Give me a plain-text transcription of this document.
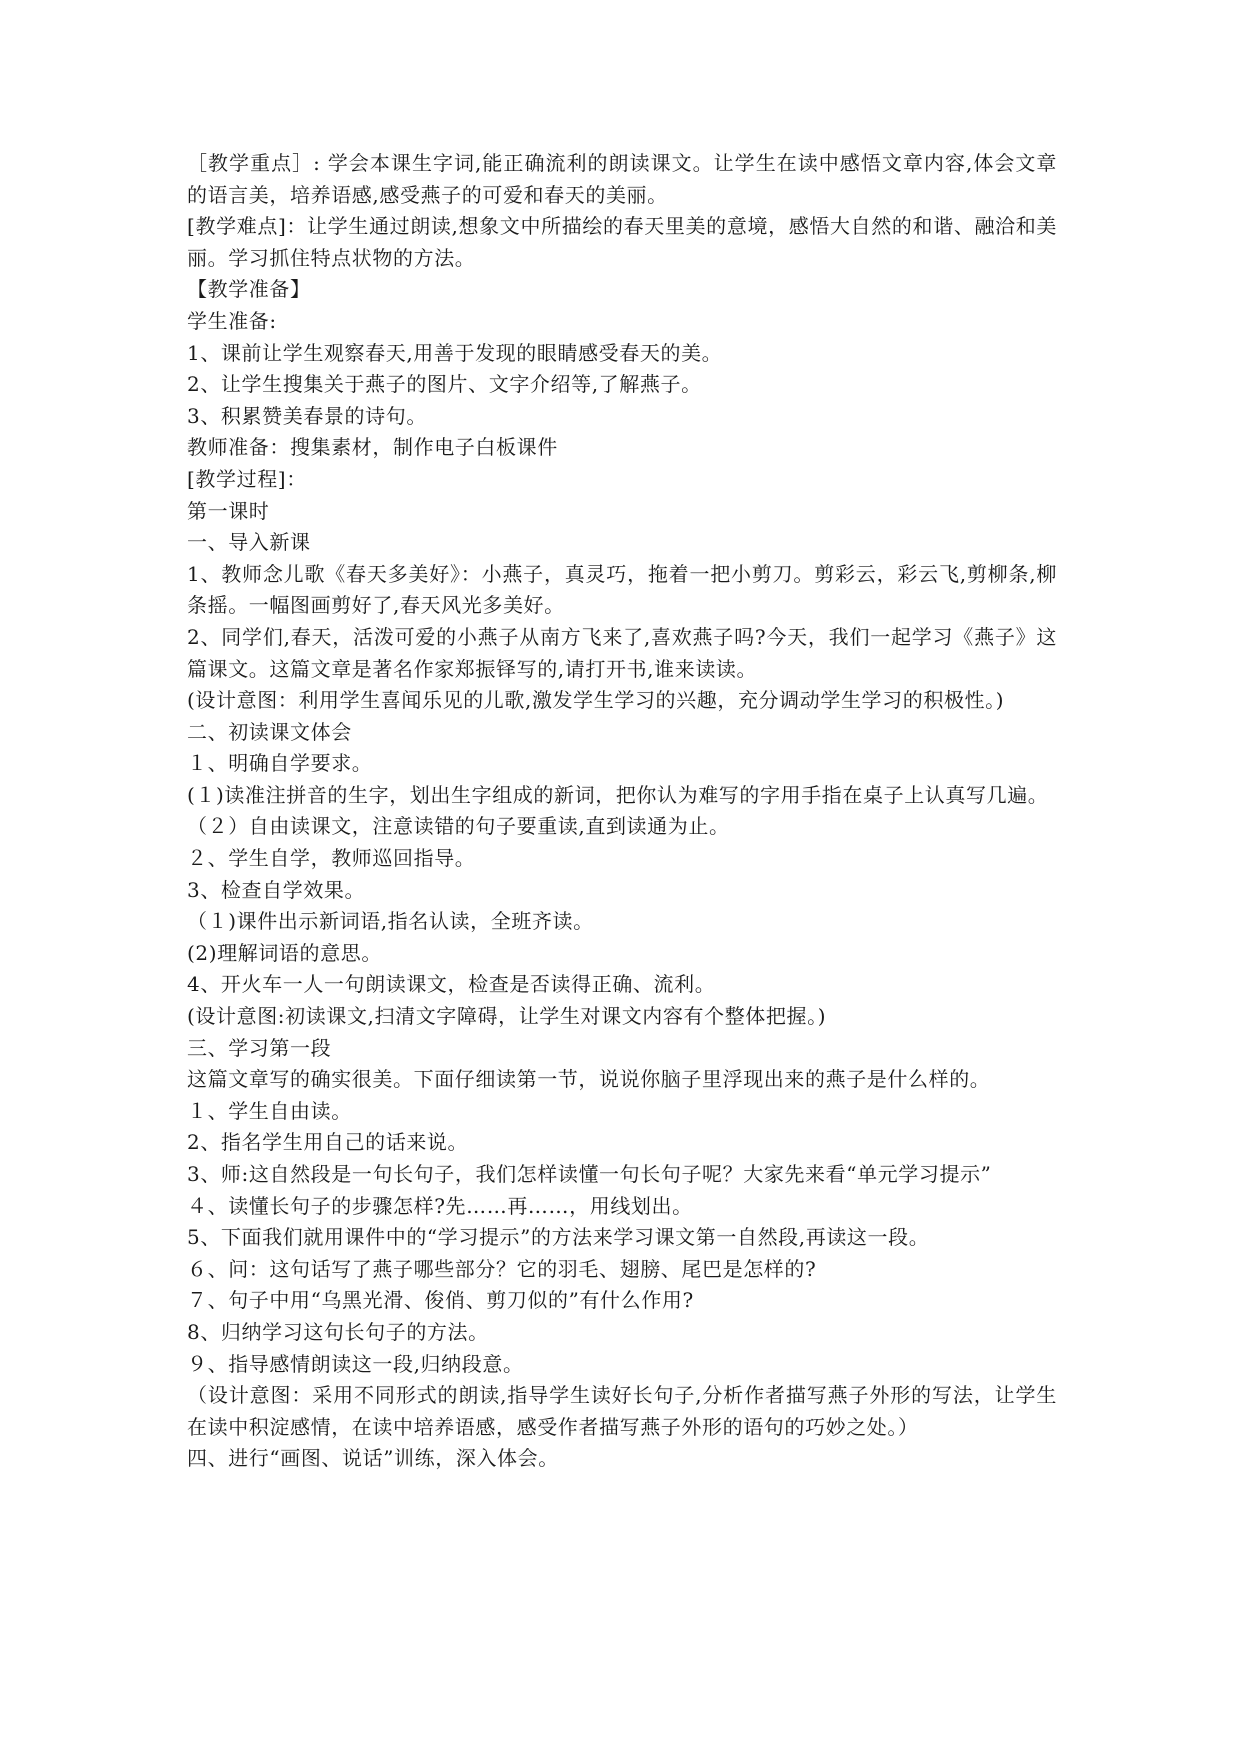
［教学重点］: 学会本课生字词,能正确流利的朗读课文。让学生在读中感悟文章内容,体会文章的语言美，培养语感,感受燕子的可爱和春天的美丽。

[教学难点]：让学生通过朗读,想象文中所描绘的春天里美的意境，感悟大自然的和谐、融洽和美丽。学习抓住特点状物的方法。

【教学准备】

学生准备:

1、课前让学生观察春天,用善于发现的眼睛感受春天的美。

2、让学生搜集关于燕子的图片、文字介绍等,了解燕子。

3、积累赞美春景的诗句。

教师准备：搜集素材，制作电子白板课件

[教学过程]：

第一课时

一、导入新课

1、教师念儿歌《春天多美好》：小燕子，真灵巧，拖着一把小剪刀。剪彩云，彩云飞,剪柳条,柳条摇。一幅图画剪好了,春天风光多美好。

2、同学们,春天，活泼可爱的小燕子从南方飞来了,喜欢燕子吗?今天，我们一起学习《燕子》这篇课文。这篇文章是著名作家郑振铎写的,请打开书,谁来读读。

(设计意图：利用学生喜闻乐见的儿歌,激发学生学习的兴趣，充分调动学生学习的积极性。)

二、初读课文体会

１、明确自学要求。

(１)读准注拼音的生字，划出生字组成的新词，把你认为难写的字用手指在桌子上认真写几遍。

（２）自由读课文，注意读错的句子要重读,直到读通为止。

２、学生自学，教师巡回指导。

3、检查自学效果。

（１)课件出示新词语,指名认读，全班齐读。

(2)理解词语的意思。

4、开火车一人一句朗读课文，检查是否读得正确、流利。

(设计意图:初读课文,扫清文字障碍，让学生对课文内容有个整体把握。)

三、学习第一段

这篇文章写的确实很美。下面仔细读第一节，说说你脑子里浮现出来的燕子是什么样的。

１、学生自由读。

2、指名学生用自己的话来说。

3、师:这自然段是一句长句子，我们怎样读懂一句长句子呢？大家先来看“单元学习提示”

４、读懂长句子的步骤怎样?先……再……，用线划出。

5、下面我们就用课件中的“学习提示”的方法来学习课文第一自然段,再读这一段。

６、问：这句话写了燕子哪些部分？它的羽毛、翅膀、尾巴是怎样的?

７、句子中用“乌黑光滑、俊俏、剪刀似的”有什么作用?

8、归纳学习这句长句子的方法。

９、指导感情朗读这一段,归纳段意。

（设计意图：采用不同形式的朗读,指导学生读好长句子,分析作者描写燕子外形的写法，让学生在读中积淀感情，在读中培养语感，感受作者描写燕子外形的语句的巧妙之处。）

四、进行“画图、说话”训练，深入体会。
